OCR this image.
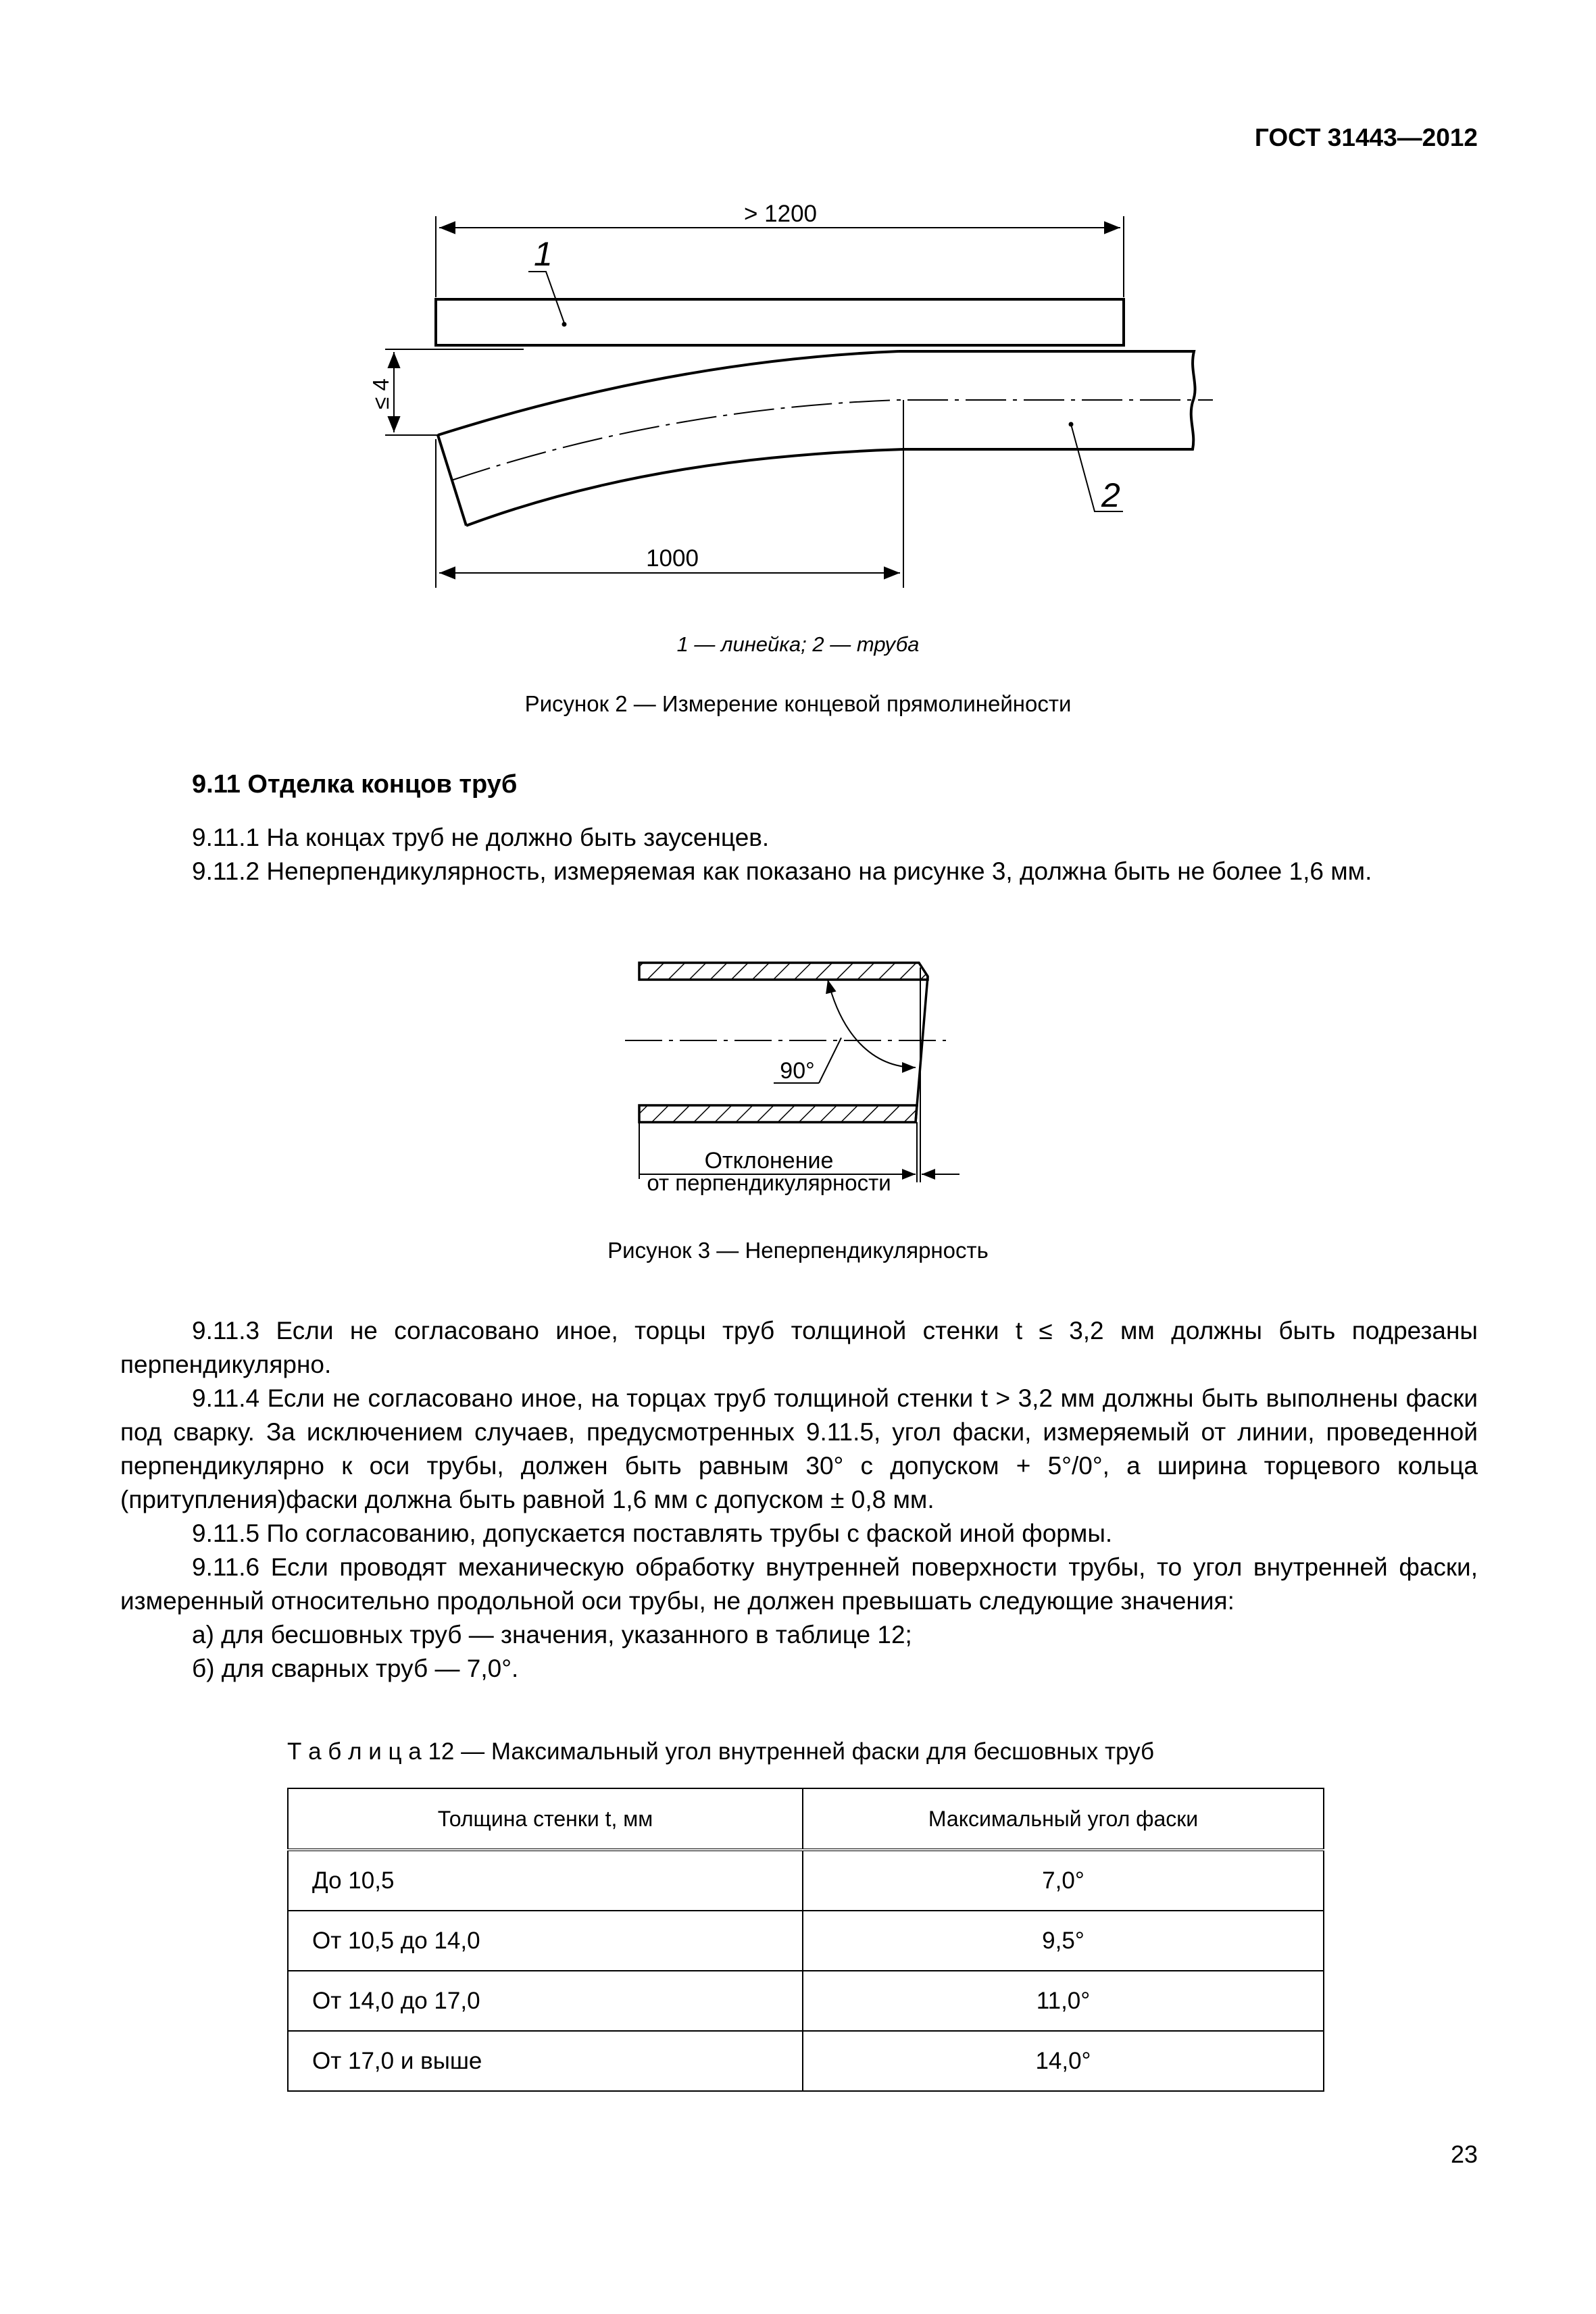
ГОСТ 31443—2012
> 1200
1
≤ 4
1000
2
1 — линейка; 2 — труба
Рисунок 2 — Измерение концевой прямолинейности
9.11 Отделка концов труб
9.11.1 На концах труб не должно быть заусенцев.
9.11.2 Неперпендикулярность, измеряемая как показано на рисунке 3, должна быть не более 1,6 мм.
90°
Отклонение
от перпендикулярности
Рисунок 3 — Неперпендикулярность
9.11.3 Если не согласовано иное, торцы труб толщиной стенки t ≤ 3,2 мм должны быть подрезаны перпендикулярно.
9.11.4 Если не согласовано иное, на торцах труб толщиной стенки t > 3,2 мм должны быть выполнены фаски под сварку. За исключением случаев, предусмотренных 9.11.5, угол фаски, измеряемый от линии, проведенной перпендикулярно к оси трубы, должен быть равным 30° с допуском + 5°/0°, а ширина торцевого кольца (притупления)фаски должна быть равной 1,6 мм с допуском ± 0,8 мм.
9.11.5 По согласованию, допускается поставлять трубы с фаской иной формы.
9.11.6 Если проводят механическую обработку внутренней поверхности трубы, то угол внутренней фаски, измеренный относительно продольной оси трубы, не должен превышать следующие значения:
а) для бесшовных труб — значения, указанного в таблице 12;
б) для сварных труб — 7,0°.
Т а б л и ц а 12 — Максимальный угол внутренней фаски для бесшовных труб
Толщина стенки t, мм	Максимальный угол фаски
До 10,5	7,0°
От 10,5 до 14,0	9,5°
От 14,0 до 17,0	11,0°
От 17,0 и выше	14,0°
23
